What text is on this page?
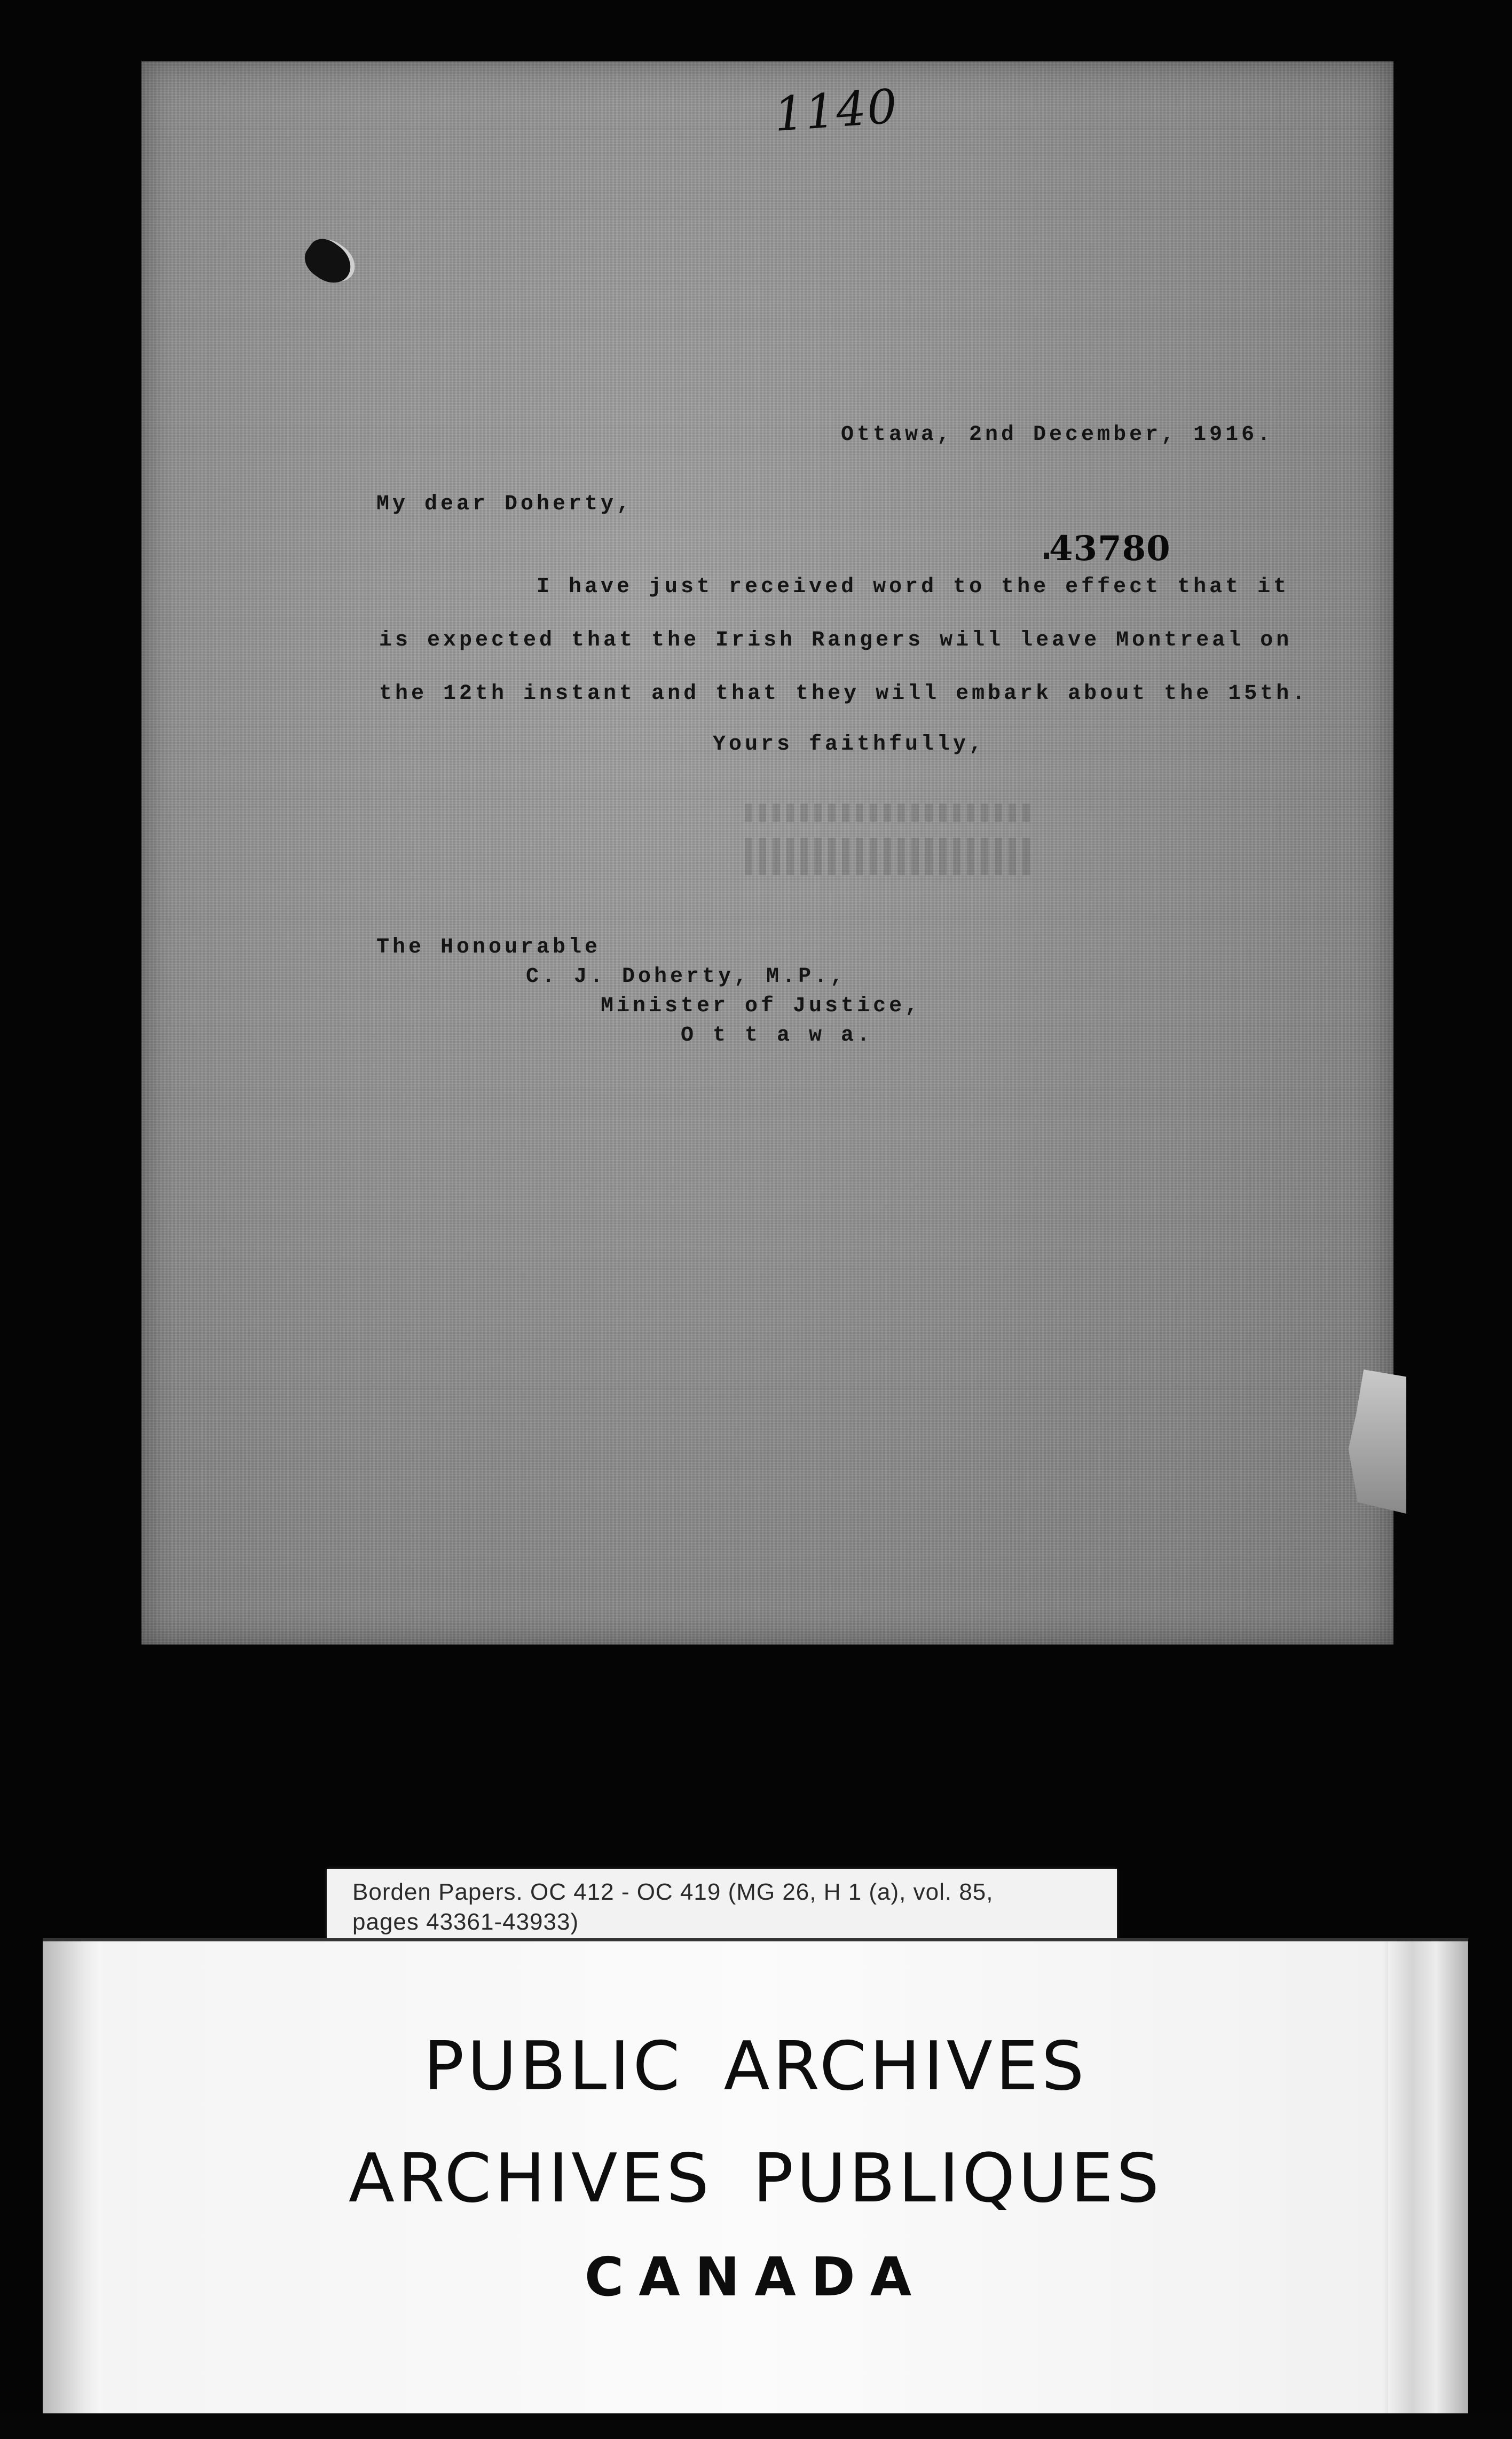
1140
Ottawa, 2nd December, 1916.
My dear Doherty,
43780
I have just received word to the effect that it
is expected that the Irish Rangers will leave Montreal on
the 12th instant and that they will embark about the 15th.
Yours faithfully,
The Honourable
C. J. Doherty, M.P.,
Minister of Justice,
O t t a w a.
Borden Papers. OC 412 - OC 419 (MG 26, H 1 (a), vol. 85,
pages 43361-43933)
PUBLIC ARCHIVES
ARCHIVES PUBLIQUES
CANADA
